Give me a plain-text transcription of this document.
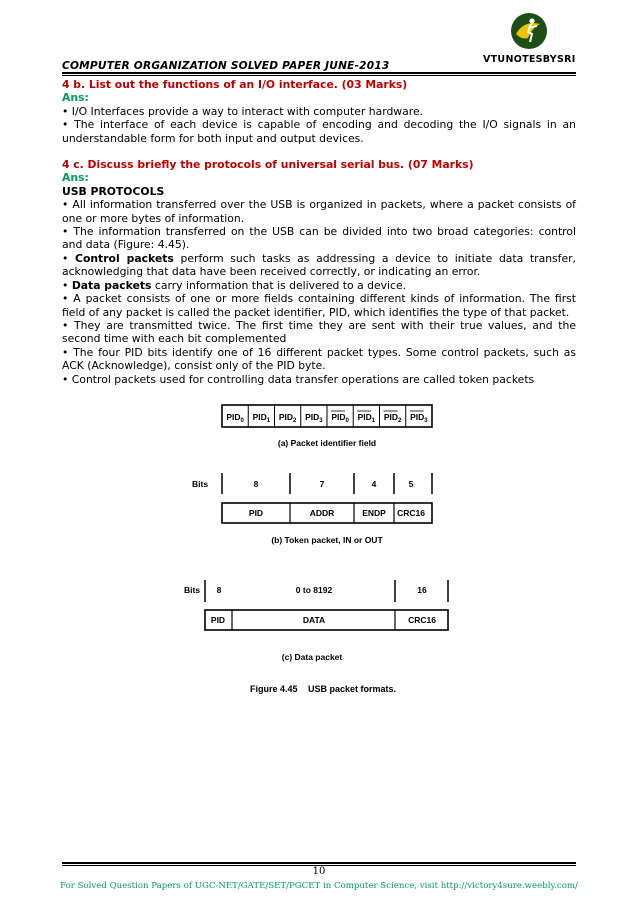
VTUNOTESBYSRI
COMPUTER ORGANIZATION SOLVED PAPER JUNE-2013

4 b. List out the functions of an I/O interface. (03 Marks)

Ans:

• I/O Interfaces provide a way to interact with computer hardware.

• The interface of each device is capable of encoding and decoding the I/O signals in an understandable form for both input and output devices.

4 c. Discuss briefly the protocols of universal serial bus. (07 Marks)

Ans:

USB PROTOCOLS

• All information transferred over the USB is organized in packets, where a packet consists of one or more bytes of information.

• The information transferred on the USB can be divided into two broad categories: control and data (Figure: 4.45).

• Control packets perform such tasks as addressing a device to initiate data transfer, acknowledging that data have been received correctly, or indicating an error.

• Data packets carry information that is delivered to a device.

• A packet consists of one or more fields containing different kinds of information. The first field of any packet is called the packet identifier, PID, which identifies the type of that packet.

• They are transmitted twice. The first time they are sent with their true values, and the second time with each bit complemented

• The four PID bits identify one of 16 different packet types. Some control packets, such as ACK (Acknowledge), consist only of the PID byte.

• Control packets used for controlling data transfer operations are called token packets

$PID_0$ $PID_1$ $PID_2$ $PID_3$ $PID_0$ $PID_1$ $PID_2$ $PID_3$
(a) Packet identifier field
Bits	8	7	4	5
PID	ADDR	ENDP CRC16
(b) Token packet, IN or OUT
Bits 8	0 to 8192	16
PID	DATA	CRC16
(c) Data packet
Figure 4.45 USB packet formats.
10
For Solved Question Papers of UGC-NET/GATE/SET/PGCET in Computer Science, visit http://victory4sure.weebly.com/
